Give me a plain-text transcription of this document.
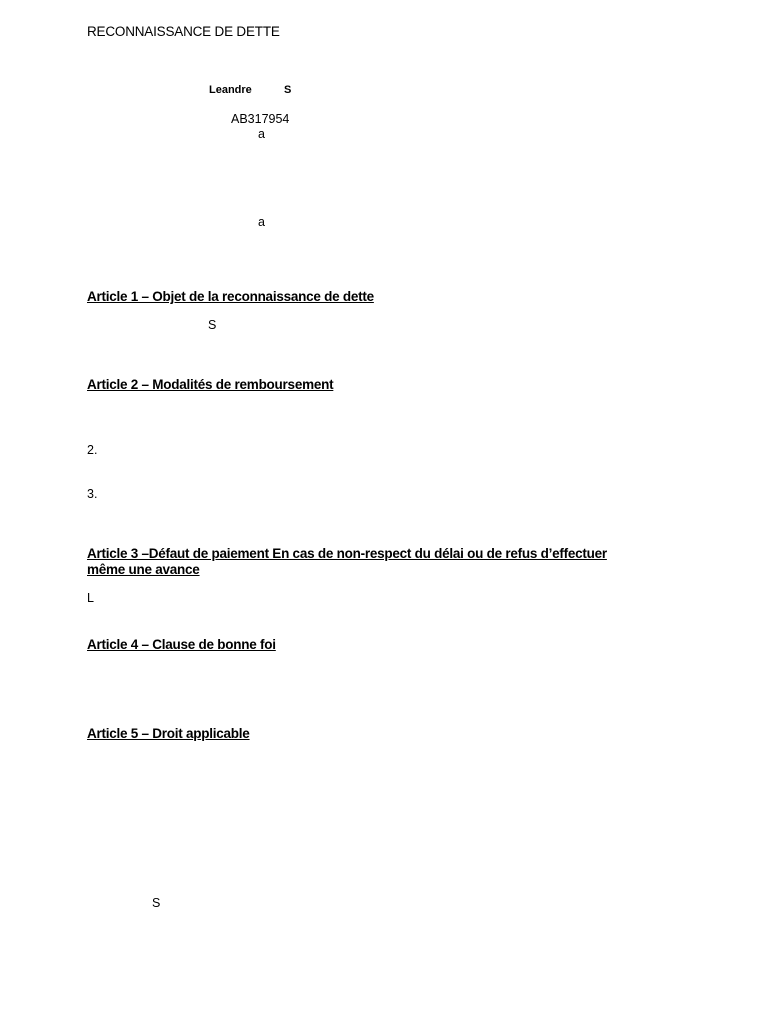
RECONNAISSANCE DE DETTE
Leandre	S
AB317954
a
a
Article 1 – Objet de la reconnaissance de dette
S
Article 2 – Modalités de remboursement
2.
3.
Article 3 –Défaut de paiement En cas de non-respect du délai ou de refus d’effectuer même une avance
L
Article 4 – Clause de bonne foi
Article 5 – Droit applicable
S
